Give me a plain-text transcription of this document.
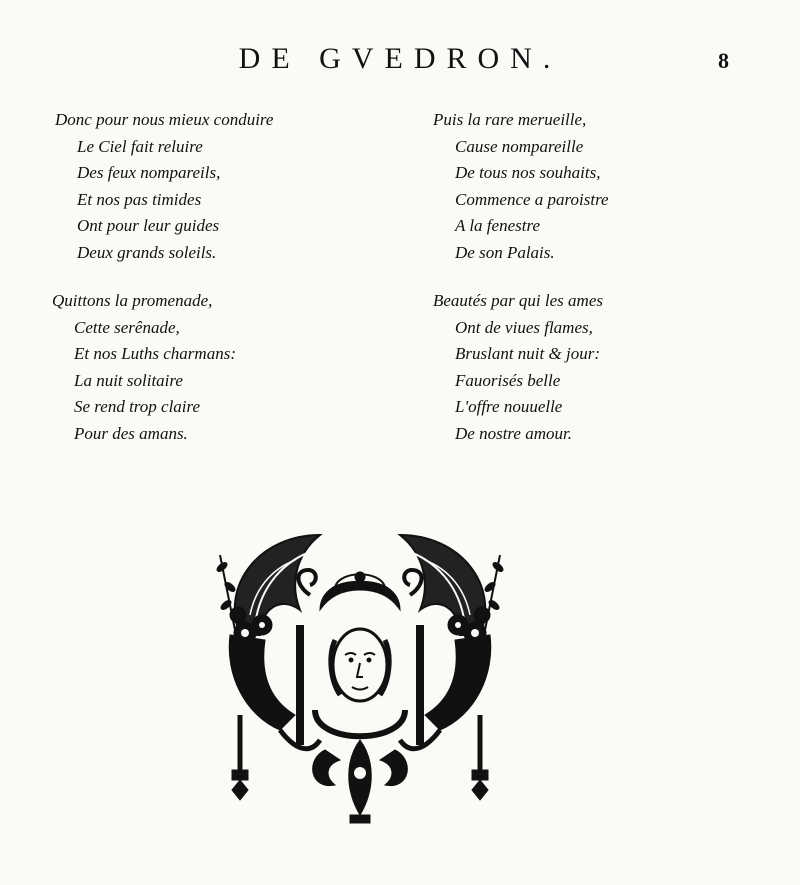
DE GVEDRON.	8
Donc pour nous mieux conduire
Le Ciel fait reluire
Des feux nompareils,
Et nos pas timides
Ont pour leur guides
Deux grands soleils.
Puis la rare merueille,
Cause nompareille
De tous nos souhaits,
Commence a paroistre
A la fenestre
De son Palais.
Quittons la promenade,
Cette serênade,
Et nos Luths charmans:
La nuit solitaire
Se rend trop claire
Pour des amans.
Beautés par qui les ames
Ont de viues flames,
Bruslant nuit & jour:
Fauorisés belle
L'offre nouuelle
De nostre amour.
